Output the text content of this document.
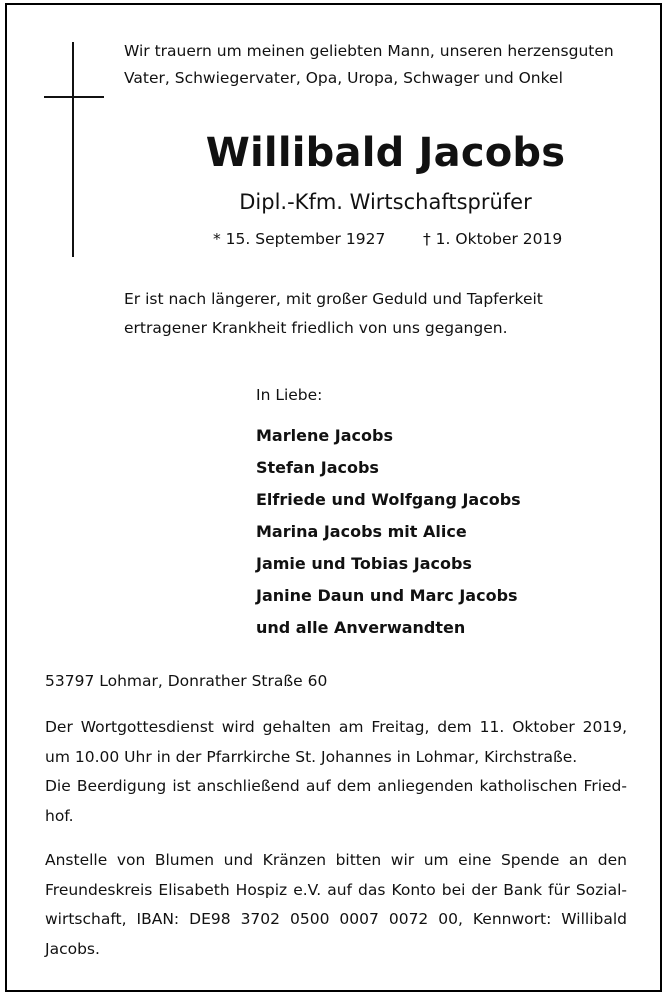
Wir trauern um meinen geliebten Mann, unseren herzensguten
Vater, Schwiegervater, Opa, Uropa, Schwager und Onkel
Willibald Jacobs
Dipl.-Kfm. Wirtschaftsprüfer
* 15. September 1927 † 1. Oktober 2019
Er ist nach längerer, mit großer Geduld und Tapferkeit
ertragener Krankheit friedlich von uns gegangen.
In Liebe:
Marlene Jacobs
Stefan Jacobs
Elfriede und Wolfgang Jacobs
Marina Jacobs mit Alice
Jamie und Tobias Jacobs
Janine Daun und Marc Jacobs
und alle Anverwandten
53797 Lohmar, Donrather Straße 60
Der Wortgottesdienst wird gehalten am Freitag, dem 11. Oktober 2019,
um 10.00 Uhr in der Pfarrkirche St. Johannes in Lohmar, Kirchstraße.
Die Beerdigung ist anschließend auf dem anliegenden katholischen Fried-
hof.
Anstelle von Blumen und Kränzen bitten wir um eine Spende an den
Freundeskreis Elisabeth Hospiz e.V. auf das Konto bei der Bank für Sozial-
wirtschaft, IBAN: DE98 3702 0500 0007 0072 00, Kennwort: Willibald
Jacobs.
